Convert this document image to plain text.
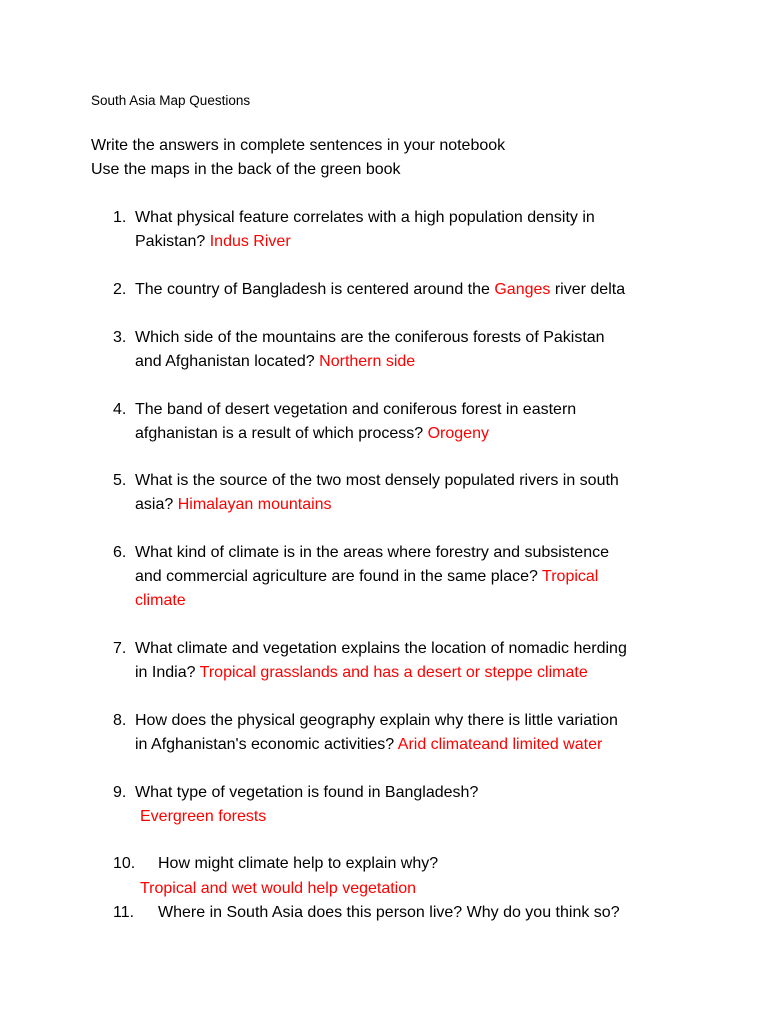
South Asia Map Questions
Write the answers in complete sentences in your notebook
Use the maps in the back of the green book
1. What physical feature correlates with a high population density in
Pakistan? Indus River
2. The country of Bangladesh is centered around the Ganges river delta
3. Which side of the mountains are the coniferous forests of Pakistan
and Afghanistan located? Northern side
4. The band of desert vegetation and coniferous forest in eastern
afghanistan is a result of which process? Orogeny
5. What is the source of the two most densely populated rivers in south
asia? Himalayan mountains
6. What kind of climate is in the areas where forestry and subsistence
and commercial agriculture are found in the same place? Tropical
climate
7. What climate and vegetation explains the location of nomadic herding
in India? Tropical grasslands and has a desert or steppe climate
8. How does the physical geography explain why there is little variation
in Afghanistan's economic activities? Arid climateand limited water
9. What type of vegetation is found in Bangladesh?
Evergreen forests
10. How might climate help to explain why?
Tropical and wet would help vegetation
11. Where in South Asia does this person live? Why do you think so?
